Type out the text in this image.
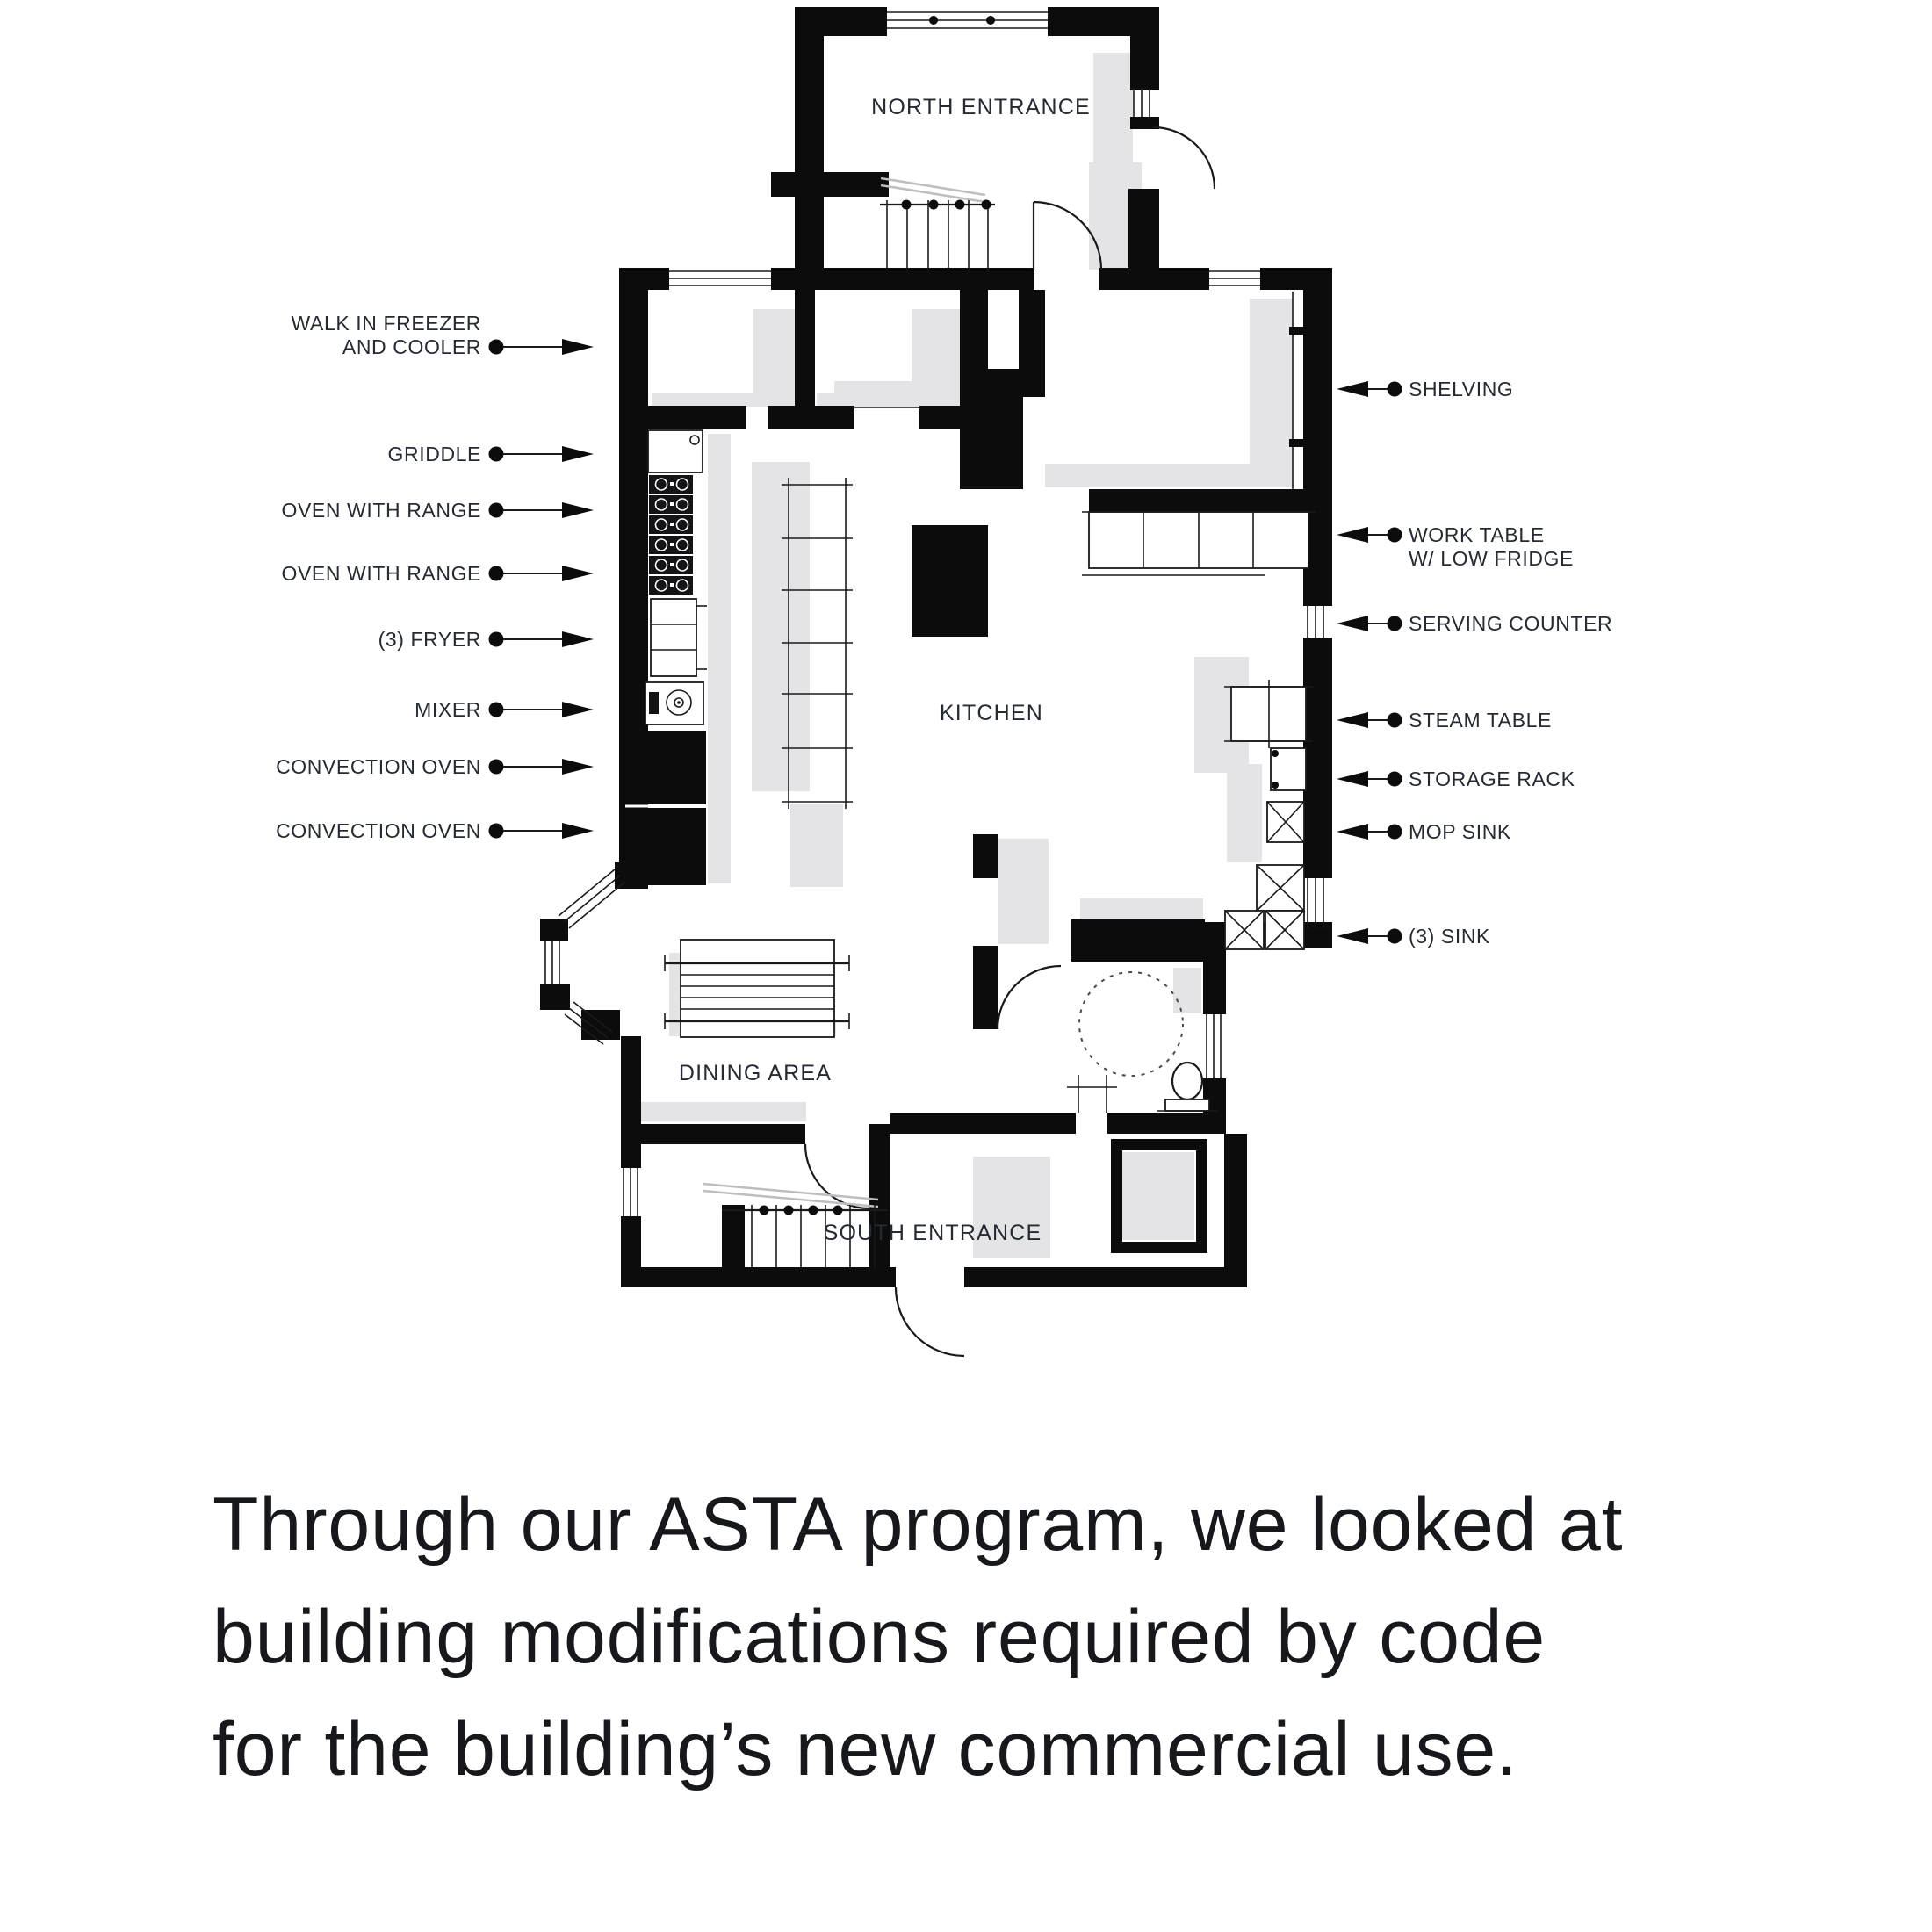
NORTH ENTRANCE
KITCHEN
DINING AREA
SOUTH ENTRANCE
WALK IN FREEZER
AND COOLER
GRIDDLE
OVEN WITH RANGE
OVEN WITH RANGE
(3) FRYER
MIXER
CONVECTION OVEN
CONVECTION OVEN
SHELVING
WORK TABLE
W/ LOW FRIDGE
SERVING COUNTER
STEAM TABLE
STORAGE RACK
MOP SINK
(3) SINK
Through our ASTA program, we looked at
building modifications required by code
for the building’s new commercial use.
